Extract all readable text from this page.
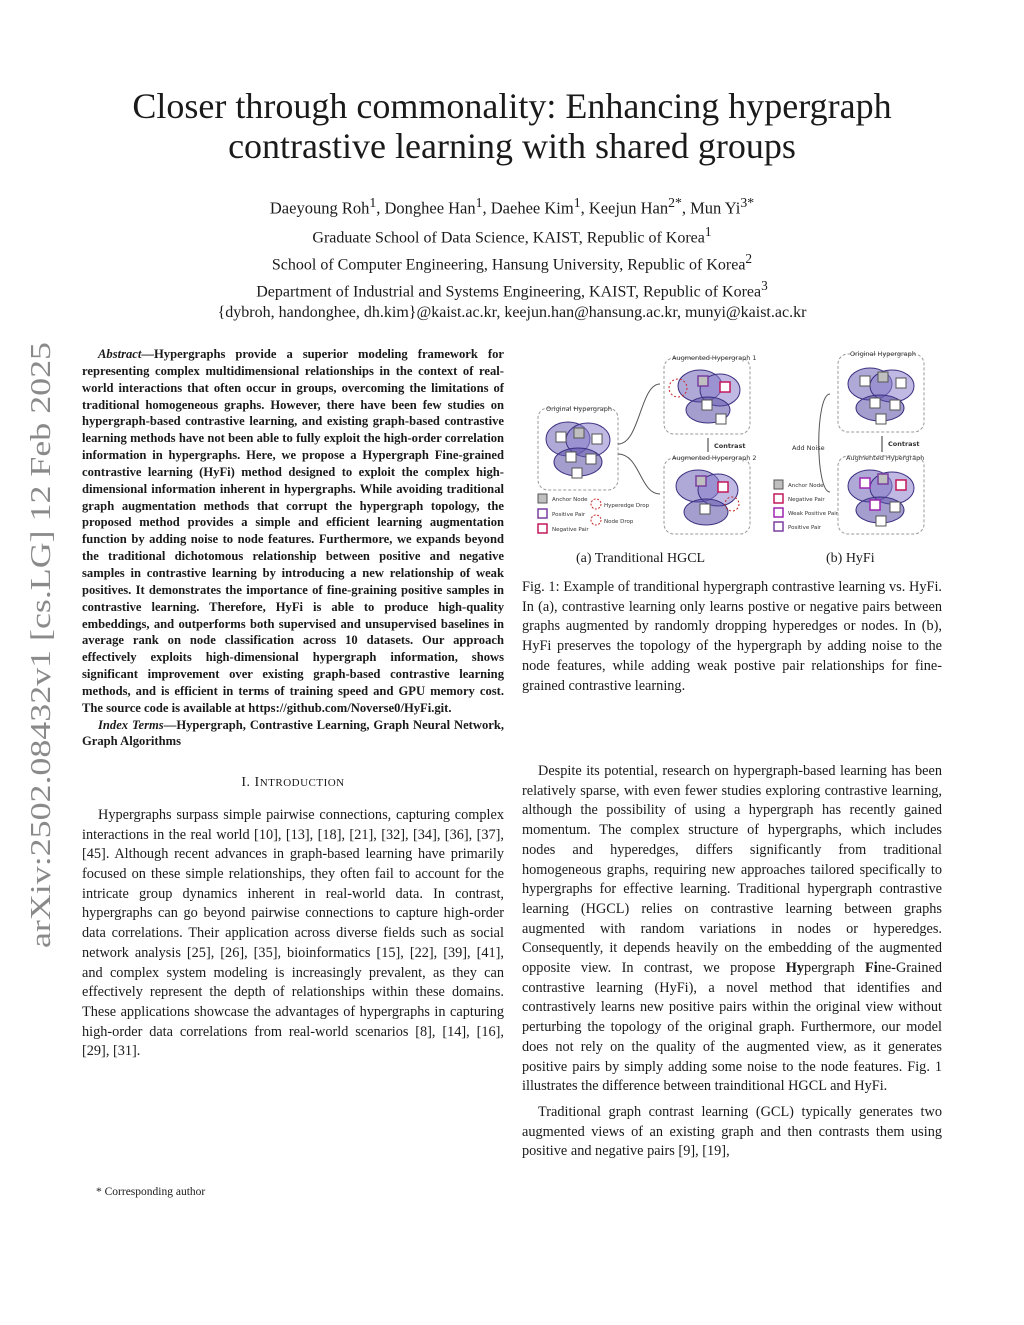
arXiv:2502.08432v1 [cs.LG] 12 Feb 2025
Closer through commonality: Enhancing hypergraph
contrastive learning with shared groups
Daeyoung Roh$^1$, Donghee Han$^1$, Daehee Kim$^1$, Keejun Han$^{2*}$, Mun $Yi^{3*}$
Graduate School of Data Science, KAIST, Republic of Korea$^1$
School of Computer Engineering, Hansung University, Republic of Korea$^2$
Department of Industrial and Systems Engineering, KAIST, Republic of Korea$^3$
{dybroh, handonghee, dh.kim}@kaist.ac.kr, keejun.han@hansung.ac.kr, munyi@kaist.ac.kr

Abstract—Hypergraphs provide a superior modeling framework for representing complex multidimensional relationships in the context of real-world interactions that often occur in groups, overcoming the limitations of traditional homogeneous graphs. However, there have been few studies on hypergraph-based contrastive learning, and existing graph-based contrastive learning methods have not been able to fully exploit the high-order correlation information in hypergraphs. Here, we propose a Hypergraph Fine-grained contrastive learning (HyFi) method designed to exploit the complex high-dimensional information inherent in hypergraphs. While avoiding traditional graph augmentation methods that corrupt the hypergraph topology, the proposed method provides a simple and efficient learning augmentation function by adding noise to node features. Furthermore, we expands beyond the traditional dichotomous relationship between positive and negative samples in contrastive learning by introducing a new relationship of weak positives. It demonstrates the importance of fine-graining positive samples in contrastive learning. Therefore, HyFi is able to produce high-quality embeddings, and outperforms both supervised and unsupervised baselines in average rank on node classification across 10 datasets. Our approach effectively exploits high-dimensional hypergraph information, shows significant improvement over existing graph-based contrastive learning methods, and is efficient in terms of training speed and GPU memory cost. The source code is available at https://github.com/Noverse0/HyFi.git.

Index Terms—Hypergraph, Contrastive Learning, Graph Neural Network, Graph Algorithms

I. INTRODUCTION

Hypergraphs surpass simple pairwise connections, capturing complex interactions in the real world [10], [13], [18], [21], [32], [34], [36], [37], [45]. Although recent advances in graph-based learning have primarily focused on these simple relationships, they often fail to account for the intricate group dynamics inherent in real-world data. In contrast, hypergraphs can go beyond pairwise connections to capture high-order data correlations. Their application across diverse fields such as social network analysis [25], [26], [35], bioinformatics [15], [22], [39], [41], and complex system modeling is increasingly prevalent, as they can effectively represent the depth of relationships within these domains. These applications showcase the advantages of hypergraphs in capturing high-order data correlations from real-world scenarios [8], [14], [16], [29], [31].

* Corresponding author
Original Hypergraph
Augmented Hypergraph 1
Contrast
Augmented Hypergraph 2
Anchor Node
Positive Pair
Negative Pair
Hyperedge Drop
Node Drop
Original Hypergraph
Add Noise	Contrast
Augmented Hypergraph
Anchor Node
Negative Pair
Weak Positive Pair
Positive Pair
(a) Tranditional HGCL	(b) HyFi
Fig. 1: Example of tranditional hypergraph contrastive learning vs. HyFi. In (a), contrastive learning only learns postive or negative pairs between graphs augmented by randomly dropping hyperedges or nodes. In (b), HyFi preserves the topology of the hypergraph by adding noise to the node features, while adding weak postive pair relationships for fine-grained contrastive learning.

Despite its potential, research on hypergraph-based learning has been relatively sparse, with even fewer studies exploring contrastive learning, although the possibility of using a hypergraph has recently gained momentum. The complex structure of hypergraphs, which includes nodes and hyperedges, differs significantly from traditional homogeneous graphs, requiring new approaches tailored specifically to hypergraphs for effective learning. Traditional hypergraph contrastive learning (HGCL) relies on contrastive learning between graphs augmented with random variations in nodes or hyperedges. Consequently, it depends heavily on the embedding of the augmented opposite view. In contrast, we propose Hypergraph Fine-Grained contrastive learning (HyFi), a novel method that identifies and contrastively learns new positive pairs within the original view without perturbing the topology of the original graph. Furthermore, our model does not rely on the quality of the augmented view, as it generates positive pairs by simply adding some noise to the node features. Fig. 1 illustrates the difference between trainditional HGCL and HyFi.

Traditional graph contrast learning (GCL) typically generates two augmented views of an existing graph and then contrasts them using positive and negative pairs [9], [19],
